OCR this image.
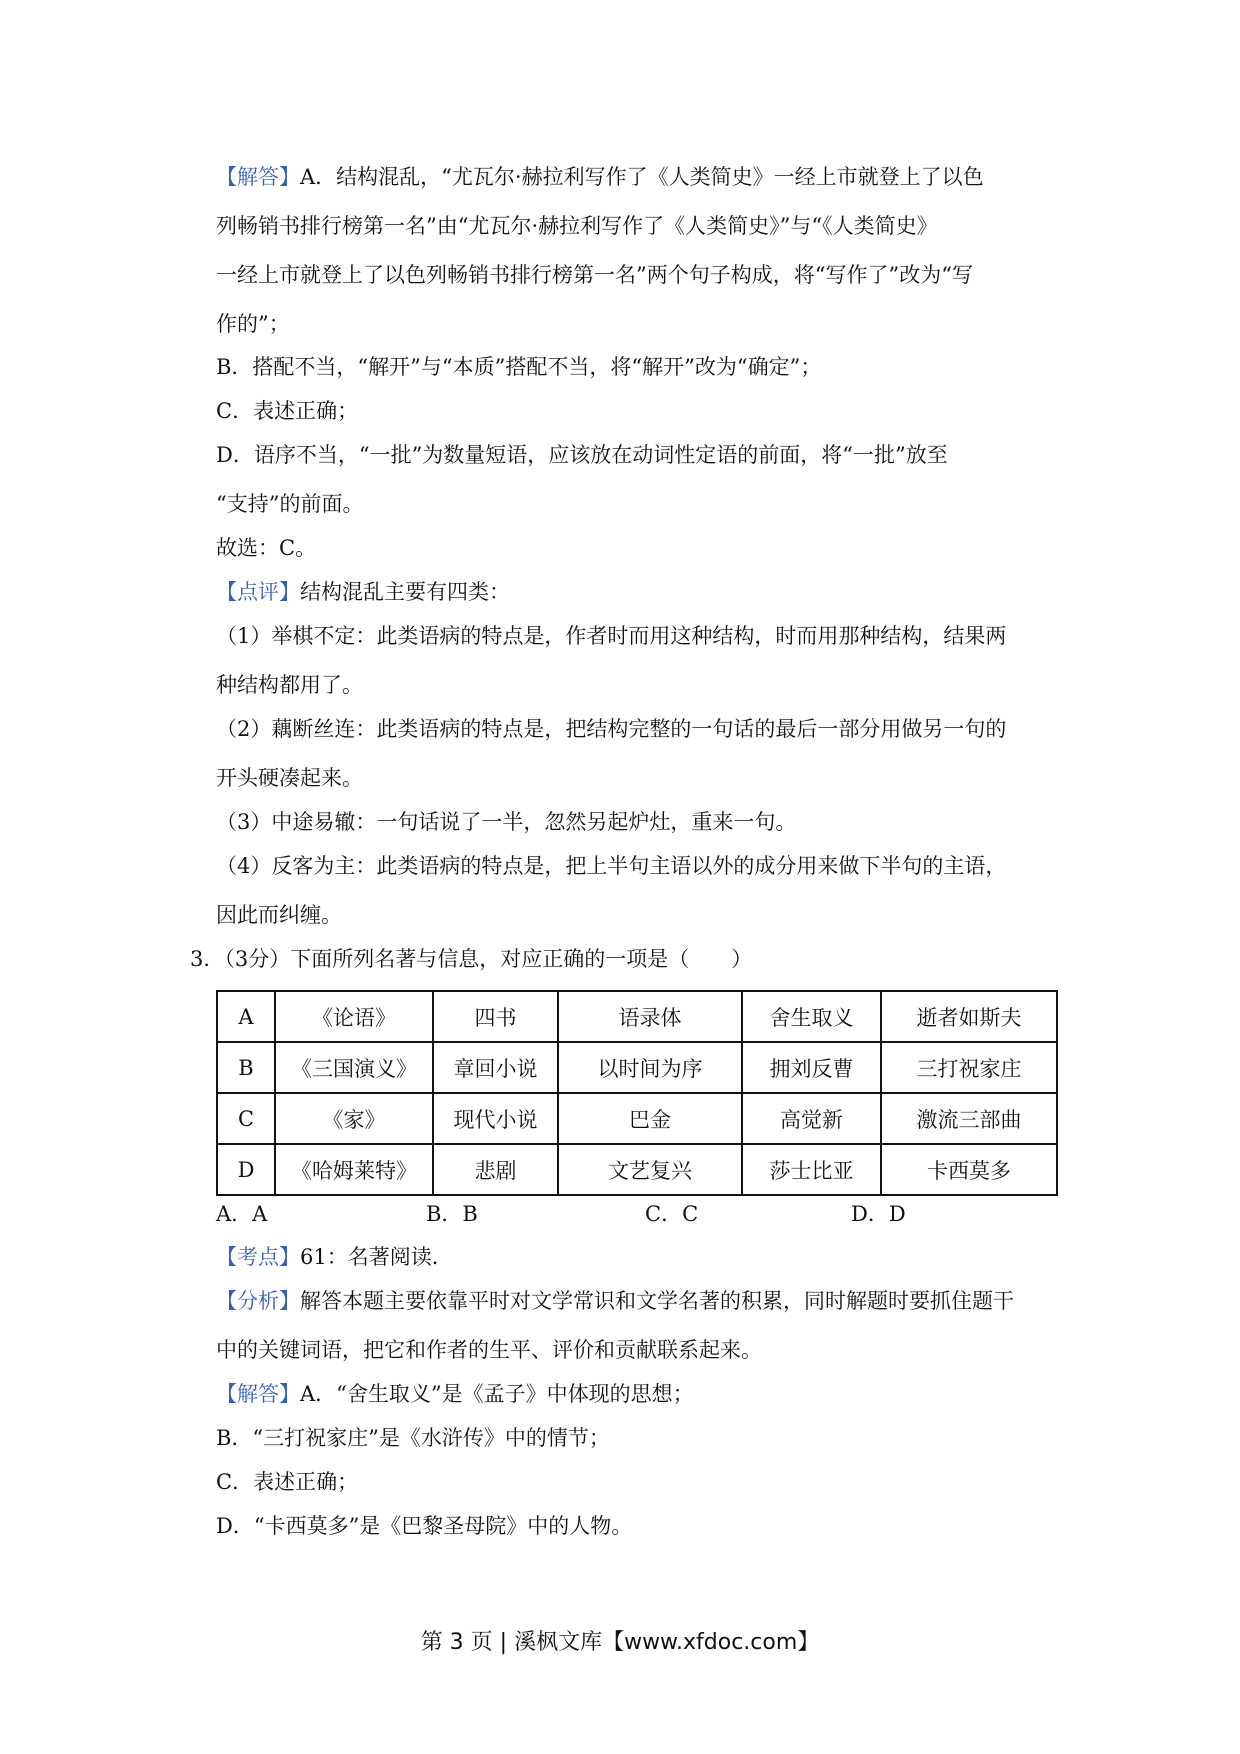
【解答】A．结构混乱，“尤瓦尔·赫拉利写作了《人类简史》一经上市就登上了以色
列畅销书排行榜第一名”由“尤瓦尔·赫拉利写作了《人类简史》”与“《人类简史》
一经上市就登上了以色列畅销书排行榜第一名”两个句子构成，将“写作了”改为“写
作的”；
B．搭配不当，“解开”与“本质”搭配不当，将“解开”改为“确定”；
C．表述正确；
D．语序不当，“一批”为数量短语，应该放在动词性定语的前面，将“一批”放至
“支持”的前面。
故选：C。
【点评】结构混乱主要有四类：
（1）举棋不定：此类语病的特点是，作者时而用这种结构，时而用那种结构，结果两
种结构都用了。
（2）藕断丝连：此类语病的特点是，把结构完整的一句话的最后一部分用做另一句的
开头硬凑起来。
（3）中途易辙：一句话说了一半，忽然另起炉灶，重来一句。
（4）反客为主：此类语病的特点是，把上半句主语以外的成分用来做下半句的主语，
因此而纠缠。
3．（3分）下面所列名著与信息，对应正确的一项是（　　）
A	《论语》	四书	语录体	舍生取义	逝者如斯夫
B	《三国演义》	章回小说	以时间为序	拥刘反曹	三打祝家庄
C	《家》	现代小说	巴金	高觉新	激流三部曲
D	《哈姆莱特》	悲剧	文艺复兴	莎士比亚	卡西莫多
A．A	B．B	C．C	D．D
【考点】61：名著阅读．
【分析】解答本题主要依靠平时对文学常识和文学名著的积累，同时解题时要抓住题干
中的关键词语，把它和作者的生平、评价和贡献联系起来。
【解答】A．“舍生取义”是《孟子》中体现的思想；
B．“三打祝家庄”是《水浒传》中的情节；
C．表述正确；
D．“卡西莫多”是《巴黎圣母院》中的人物。
第 3 页 | 溪枫文库【www.xfdoc.com】
